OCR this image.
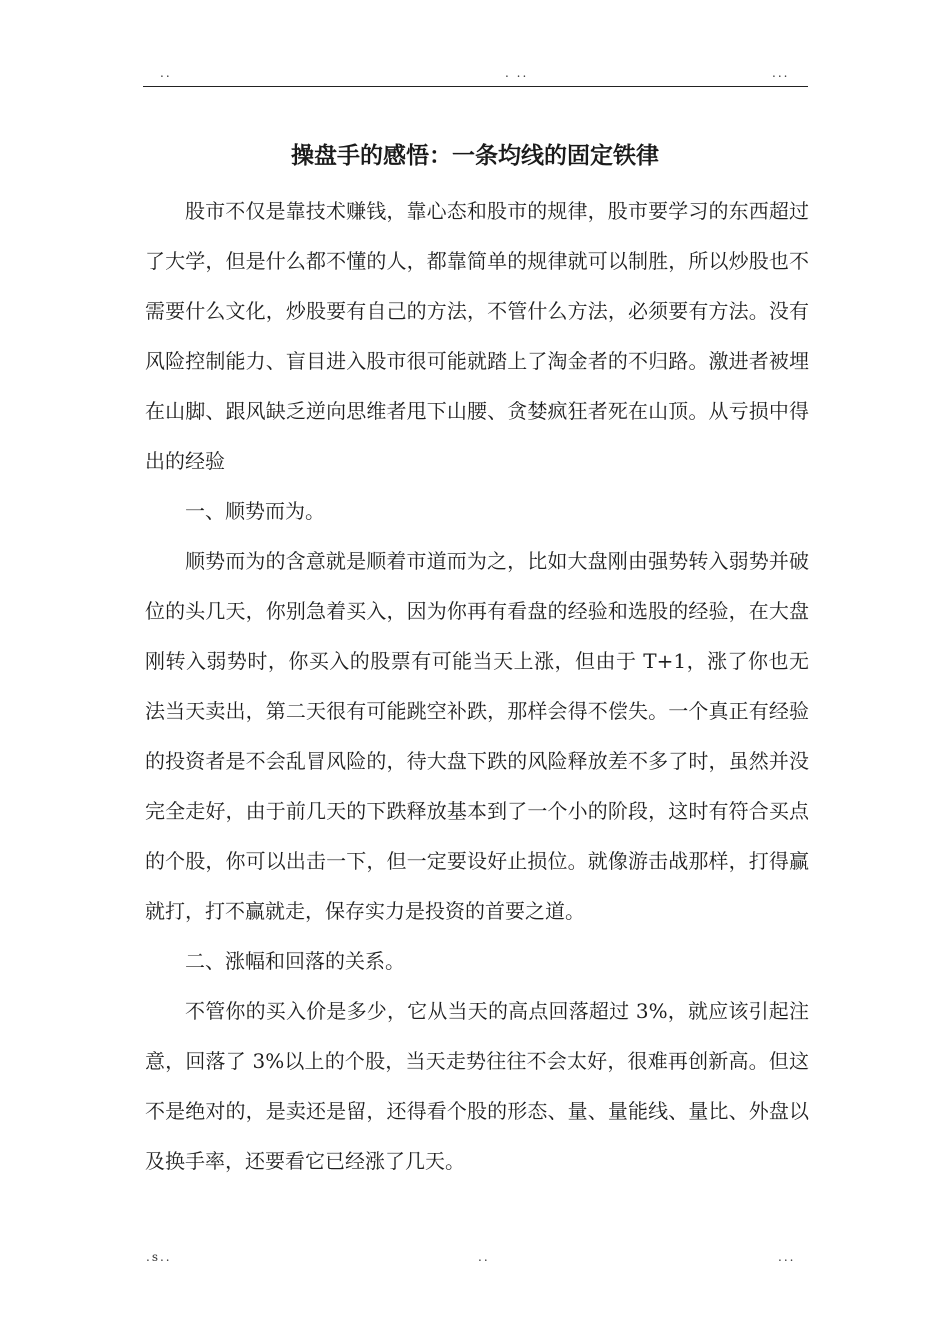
..	. ..	...
操盘手的感悟：一条均线的固定铁律

股市不仅是靠技术赚钱，靠心态和股市的规律，股市要学习的东西超过了大学，但是什么都不懂的人，都靠简单的规律就可以制胜，所以炒股也不需要什么文化，炒股要有自己的方法，不管什么方法，必须要有方法。没有风险控制能力、盲目进入股市很可能就踏上了淘金者的不归路。激进者被埋在山脚、跟风缺乏逆向思维者甩下山腰、贪婪疯狂者死在山顶。从亏损中得出的经验

一、顺势而为。

顺势而为的含意就是顺着市道而为之，比如大盘刚由强势转入弱势并破位的头几天，你别急着买入，因为你再有看盘的经验和选股的经验，在大盘刚转入弱势时，你买入的股票有可能当天上涨，但由于 T+1，涨了你也无法当天卖出，第二天很有可能跳空补跌，那样会得不偿失。一个真正有经验的投资者是不会乱冒风险的，待大盘下跌的风险释放差不多了时，虽然并没完全走好，由于前几天的下跌释放基本到了一个小的阶段，这时有符合买点的个股，你可以出击一下，但一定要设好止损位。就像游击战那样，打得赢就打，打不赢就走，保存实力是投资的首要之道。

二、涨幅和回落的关系。

不管你的买入价是多少，它从当天的高点回落超过 3%，就应该引起注意，回落了 3%以上的个股，当天走势往往不会太好，很难再创新高。但这不是绝对的，是卖还是留，还得看个股的形态、量、量能线、量比、外盘以及换手率，还要看它已经涨了几天。

.s..	..	...
